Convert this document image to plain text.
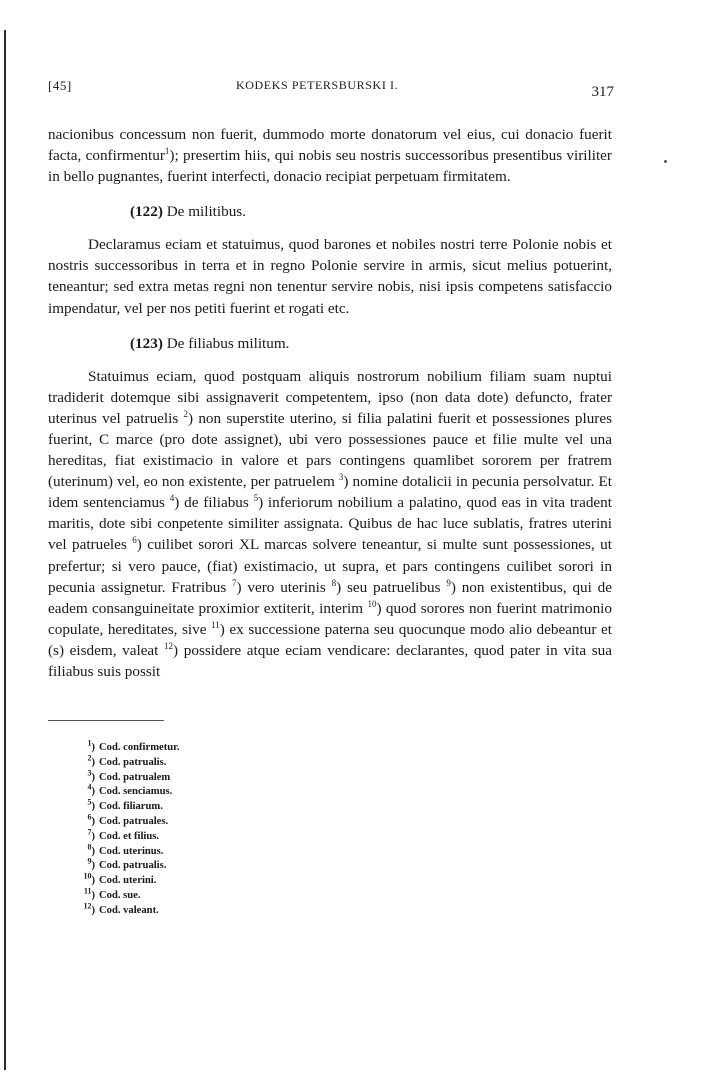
[45]	KODEKS PETERSBURSKI I.	317

nacionibus concessum non fuerit, dummodo morte donatorum vel eius, cui donacio fuerit facta, confirmentur$^1$); presertim hiis, qui nobis seu nostris successoribus presentibus viriliter in bello pugnantes, fuerint interfecti, donacio recipiat perpetuam firmitatem.

(122) De militibus.

Declaramus eciam et statuimus, quod barones et nobiles nostri terre Polonie nobis et nostris successoribus in terra et in regno Polonie servire in armis, sicut melius potuerint, teneantur; sed extra metas regni non tenentur servire nobis, nisi ipsis competens satisfaccio impendatur, vel per nos petiti fuerint et rogati etc.

(123) De filiabus militum.

Statuimus eciam, quod postquam aliquis nostrorum nobilium filiam suam nuptui tradiderit dotemque sibi assignaverit competentem, ipso (non data dote) defuncto, frater uterinus vel patruelis $^2$) non superstite uterino, si filia palatini fuerit et possessiones plures fuerint, C marce (pro dote assignet), ubi vero possessiones pauce et filie multe vel una hereditas, fiat existimacio in valore et pars contingens quamlibet sororem per fratrem (uterinum) vel, eo non existente, per patruelem $^3$) nomine dotalicii in pecunia persolvatur. Et idem sentenciamus $^4$) de filiabus $^5$) inferiorum nobilium a palatino, quod eas in vita tradent maritis, dote sibi conpetente similiter assignata. Quibus de hac luce sublatis, fratres uterini vel patrueles $^6$) cuilibet sorori XL marcas solvere teneantur, si multe sunt possessiones, ut prefertur; si vero pauce, (fiat) existimacio, ut supra, et pars contingens cuilibet sorori in pecunia assignetur. Fratribus $^7$) vero uterinis $^8$) seu patruelibus $^9$) non existentibus, qui de eadem consanguineitate proximior extiterit, interim $^{10}$) quod sorores non fuerint matrimonio copulate, hereditates, sive $^{11}$) ex successione paterna seu quocunque modo alio debeantur et (s) eisdem, valeat $^{12}$) possidere atque eciam vendicare: declarantes, quod pater in vita sua filiabus suis possit

$^1$) Cod. confirmetur.
$^2$) Cod. patrualis.
$^3$) Cod. patrualem
$^4$) Cod. senciamus.
$^5$) Cod. filiarum.
$^6$) Cod. patruales.
$^7$) Cod. et filius.
$^8$) Cod. uterinus.
$^9$) Cod. patrualis.
$^{10}$) Cod. uterini.
$^{11}$) Cod. sue.
$^{12}$) Cod. valeant.
